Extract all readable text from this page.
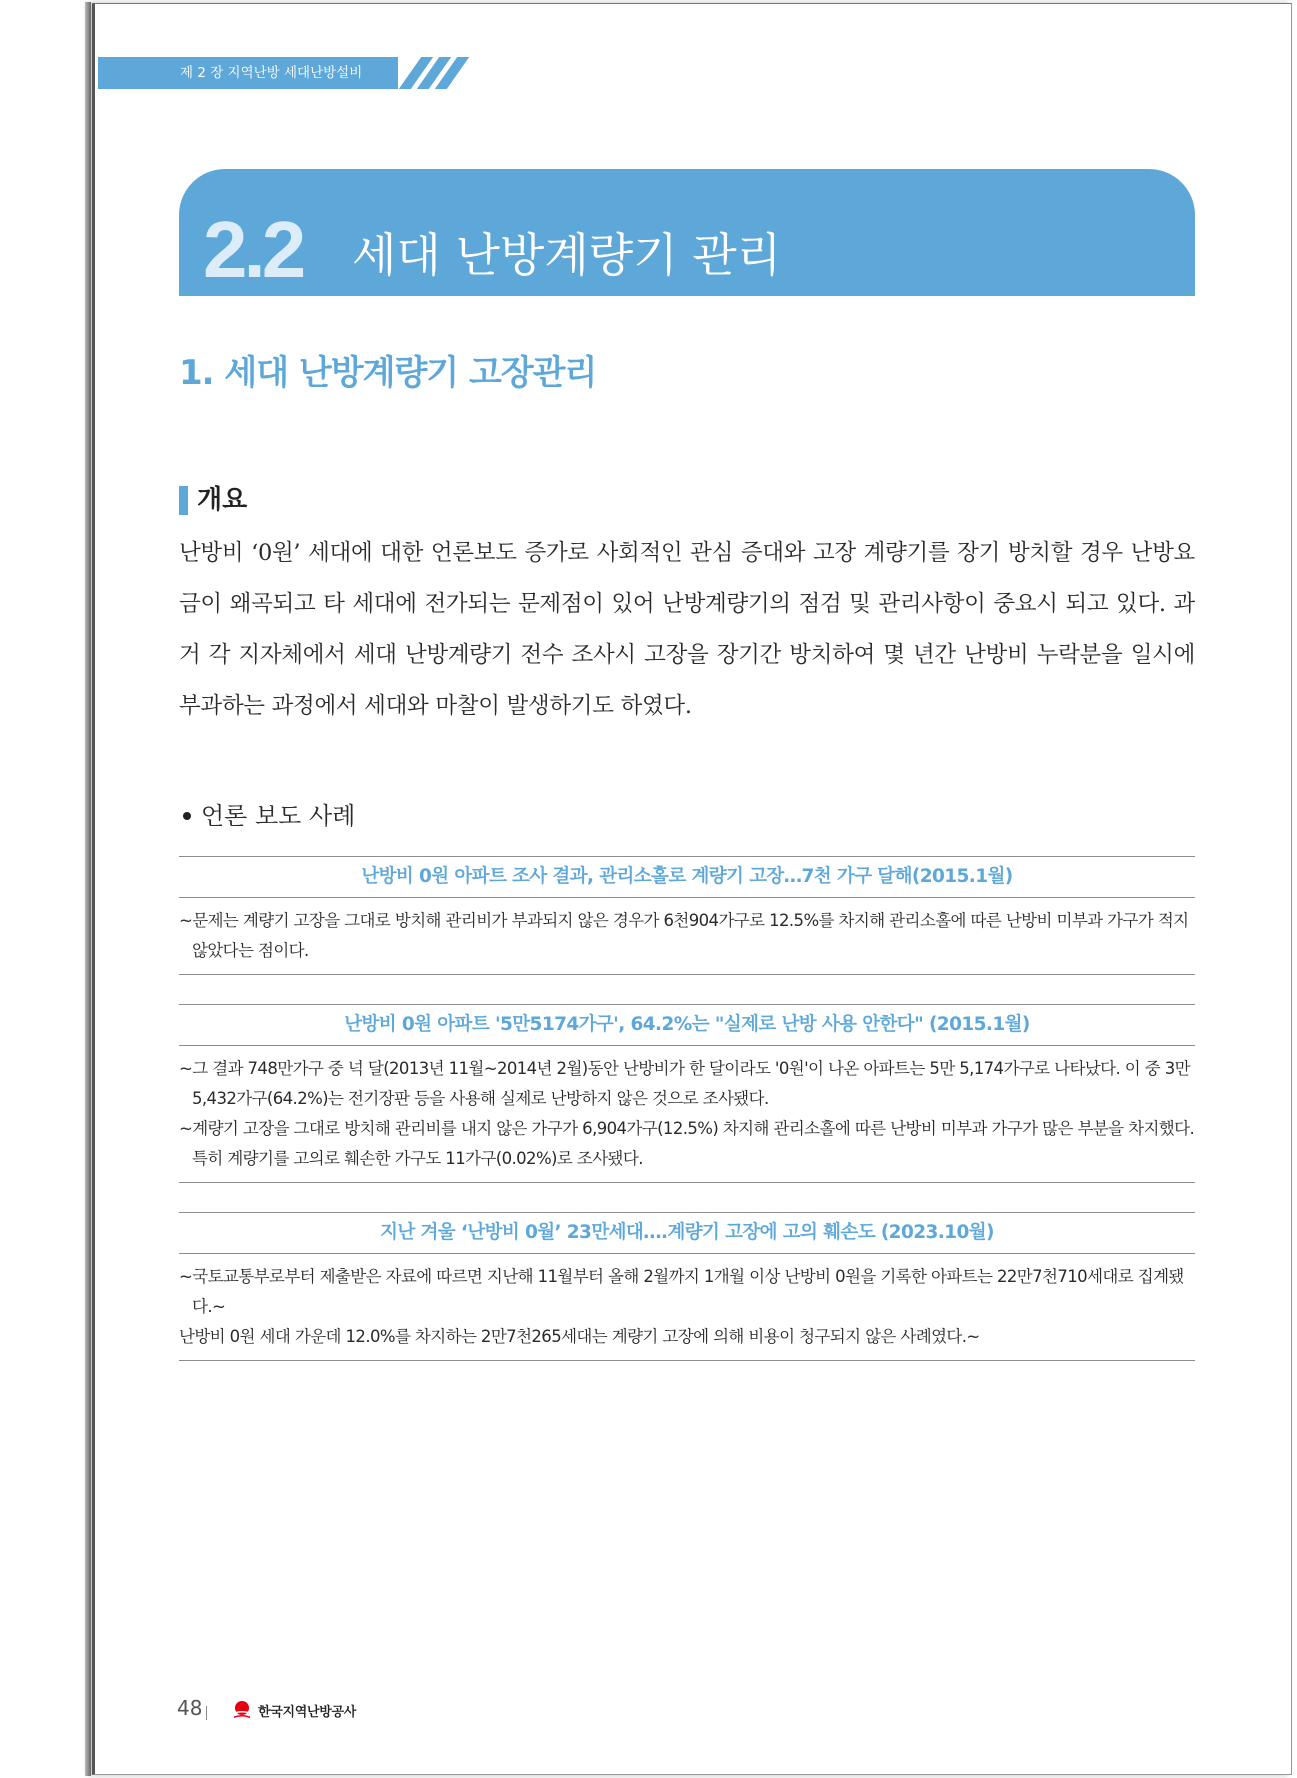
제 2 장 지역난방 세대난방설비
2.2 세대 난방계량기 관리
1. 세대 난방계량기 고장관리
개요

난방비 ‘0원’ 세대에 대한 언론보도 증가로 사회적인 관심 증대와 고장 계량기를 장기 방치할 경우 난방요금이 왜곡되고 타 세대에 전가되는 문제점이 있어 난방계량기의 점검 및 관리사항이 중요시 되고 있다. 과거 각 지자체에서 세대 난방계량기 전수 조사시 고장을 장기간 방치하여 몇 년간 난방비 누락분을 일시에 부과하는 과정에서 세대와 마찰이 발생하기도 하였다.

언론 보도 사례
난방비 0원 아파트 조사 결과, 관리소홀로 계량기 고장…7천 가구 달해(2015.1월)
~문제는 계량기 고장을 그대로 방치해 관리비가 부과되지 않은 경우가 6천904가구로 12.5%를 차지해 관리소홀에 따른 난방비 미부과 가구가 적지 않았다는 점이다.
난방비 0원 아파트 '5만5174가구', 64.2%는 "실제로 난방 사용 안한다" (2015.1월)
~그 결과 748만가구 중 넉 달(2013년 11월~2014년 2월)동안 난방비가 한 달이라도 '0원'이 나온 아파트는 5만 5,174가구로 나타났다. 이 중 3만 5,432가구(64.2%)는 전기장판 등을 사용해 실제로 난방하지 않은 것으로 조사됐다.
~계량기 고장을 그대로 방치해 관리비를 내지 않은 가구가 6,904가구(12.5%) 차지해 관리소홀에 따른 난방비 미부과 가구가 많은 부분을 차지했다. 특히 계량기를 고의로 훼손한 가구도 11가구(0.02%)로 조사됐다.
지난 겨울 ‘난방비 0월’ 23만세대….계량기 고장에 고의 훼손도 (2023.10월)
~국토교통부로부터 제출받은 자료에 따르면 지난해 11월부터 올해 2월까지 1개월 이상 난방비 0원을 기록한 아파트는 22만7천710세대로 집계됐다.~
난방비 0원 세대 가운데 12.0%를 차지하는 2만7천265세대는 계량기 고장에 의해 비용이 청구되지 않은 사례였다.~
48	한국지역난방공사
